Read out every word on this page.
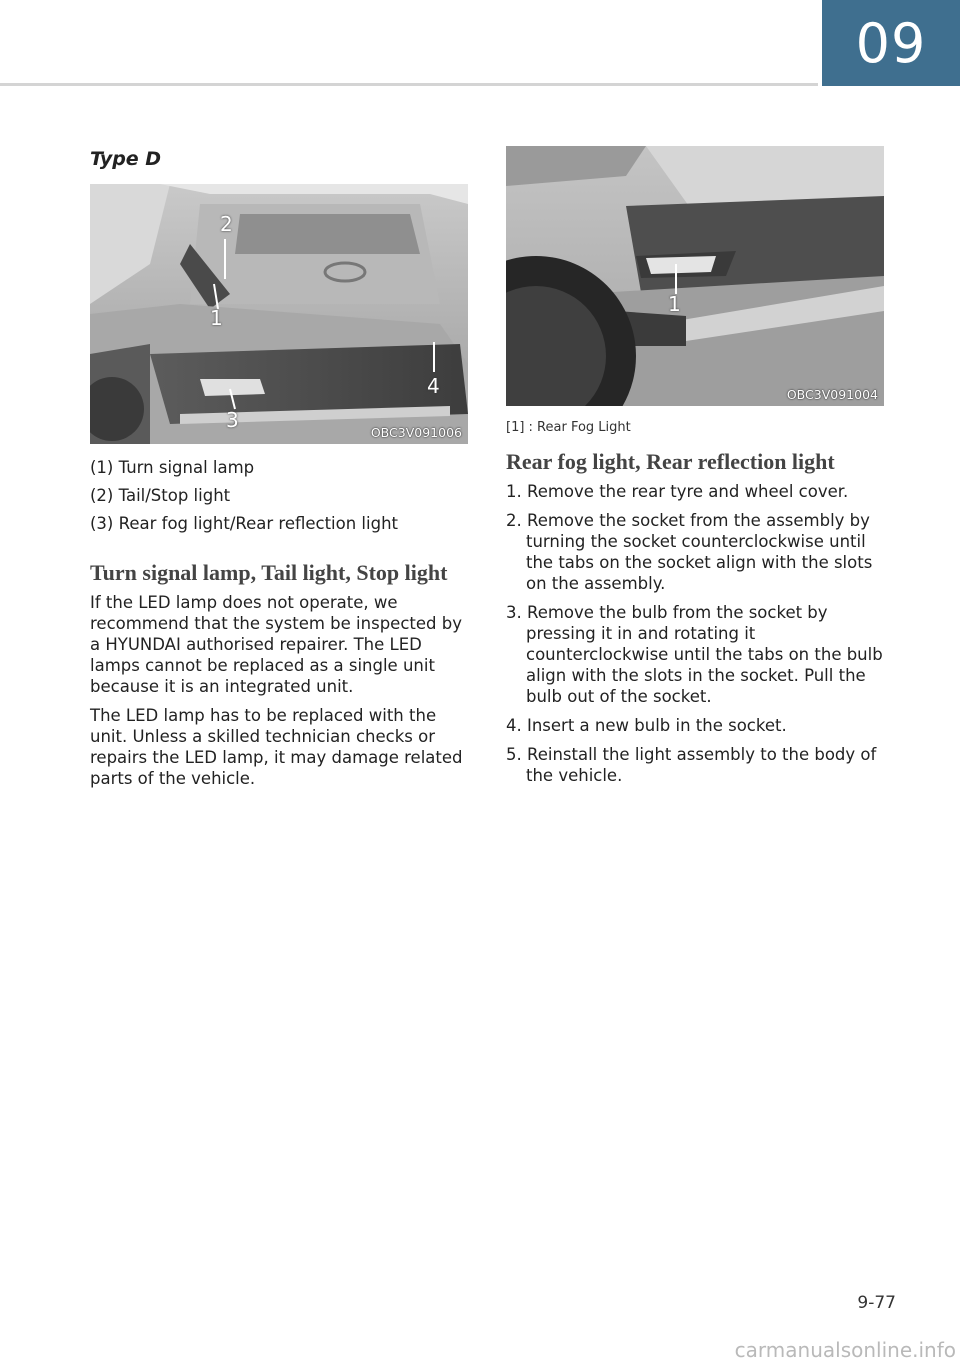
09
Type D
2
1
4
3
OBC3V091006
(1) Turn signal lamp
(2) Tail/Stop light
(3) Rear fog light/Rear reflection light
Turn signal lamp, Tail light, Stop light

If the LED lamp does not operate, we recommend that the system be inspected by a HYUNDAI authorised repairer. The LED lamps cannot be replaced as a single unit because it is an integrated unit.

The LED lamp has to be replaced with the unit. Unless a skilled technician checks or repairs the LED lamp, it may damage related parts of the vehicle.

1
OBC3V091004

[1] : Rear Fog Light

Rear fog light, Rear reflection light
1. Remove the rear tyre and wheel cover.
2. Remove the socket from the assembly by turning the socket counterclockwise until the tabs on the socket align with the slots on the assembly.
3. Remove the bulb from the socket by pressing it in and rotating it counterclockwise until the tabs on the bulb align with the slots in the socket. Pull the bulb out of the socket.
4. Insert a new bulb in the socket.
5. Reinstall the light assembly to the body of the vehicle.
9-77
carmanualsonline.info
